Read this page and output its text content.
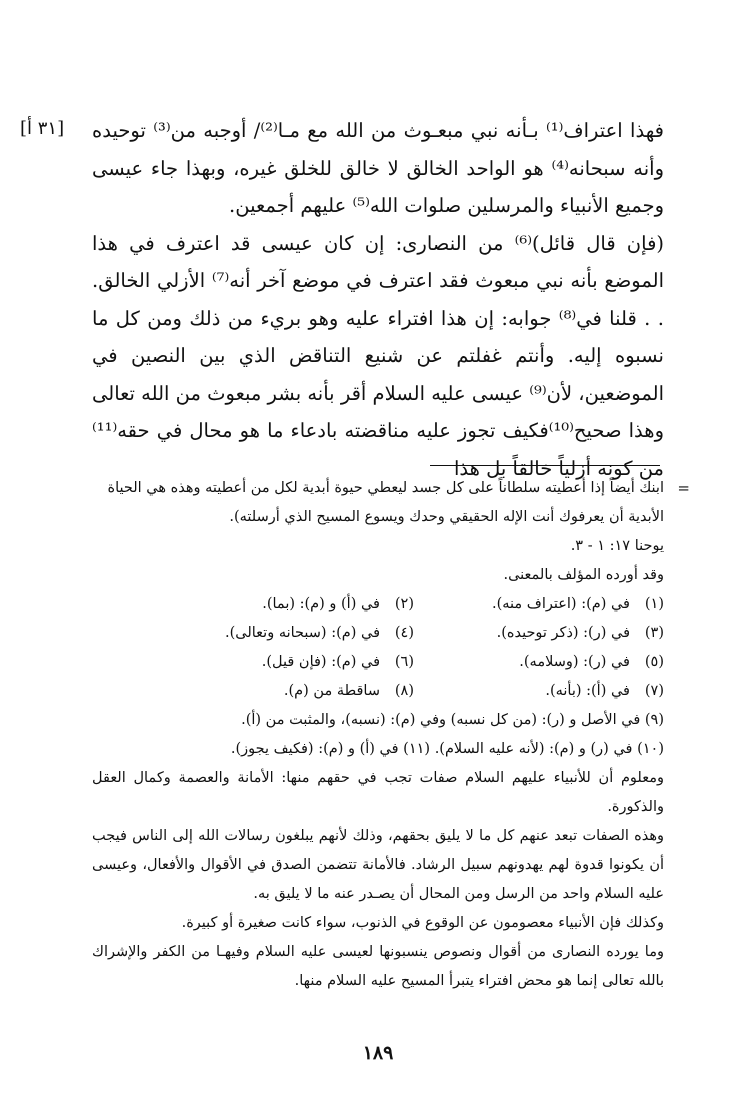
[٣١ أ] فهذا اعتراف⁽¹⁾ بـأنه نبي مبعـوث من الله مع مـا⁽²⁾/ أوجبه من⁽³⁾ توحيده وأنه سبحانه⁽⁴⁾ هو الواحد الخالق لا خالق للخلق غيره، وبهذا جاء عيسى وجميع الأنبياء والمرسلين صلوات الله⁽⁵⁾ عليهم أجمعين.

(فإن قال قائل)⁽⁶⁾ من النصارى: إن كان عيسى قد اعترف في هذا الموضع بأنه نبي مبعوث فقد اعترف في موضع آخر أنه⁽⁷⁾ الأزلي الخالق. . . قلنا في⁽⁸⁾ جوابه: إن هذا افتراء عليه وهو بريء من ذلك ومن كل ما نسبوه إليه. وأنتم غفلتم عن شنيع التناقض الذي بين النصين في الموضعين، لأن⁽⁹⁾ عيسى عليه السلام أقر بأنه بشر مبعوث من الله تعالى وهذا صحيح⁽¹⁰⁾فكيف تجوز عليه مناقضته بادعاء ما هو محال في حقه⁽¹¹⁾من كونه أزلياً خالقاً بل هذا

=

ابنك أيضاً إذا أعطيته سلطاناً على كل جسد ليعطي حيوة أبدية لكل من أعطيته وهذه هي الحياة الأبدية أن يعرفوك أنت الإله الحقيقي وحدك ويسوع المسيح الذي أرسلته).

يوحنا ١٧: ١ - ٣.

وقد أورده المؤلف بالمعنى.

(١)في (م): (اعتراف منه).
(٢)في (أ) و (م): (بما).
(٣)في (ر): (ذكر توحيده).
(٤)في (م): (سبحانه وتعالى).
(٥)في (ر): (وسلامه).
(٦)في (م): (فإن قيل).
(٧)في (أ): (بأنه).
(٨)ساقطة من (م).

(٩) في الأصل و (ر): (من كل نسبه) وفي (م): (نسبه)، والمثبت من (أ).

(١٠) في (ر) و (م): (لأنه عليه السلام). (١١) في (أ) و (م): (فكيف يجوز).

ومعلوم أن للأنبياء عليهم السلام صفات تجب في حقهم منها: الأمانة والعصمة وكمال العقل والذكورة.

وهذه الصفات تبعد عنهم كل ما لا يليق بحقهم، وذلك لأنهم يبلغون رسالات الله إلى الناس فيجب أن يكونوا قدوة لهم يهدونهم سبيل الرشاد. فالأمانة تتضمن الصدق في الأقوال والأفعال، وعيسى عليه السلام واحد من الرسل ومن المحال أن يصـدر عنه ما لا يليق به.

وكذلك فإن الأنبياء معصومون عن الوقوع في الذنوب، سواء كانت صغيرة أو كبيرة.

وما يورده النصارى من أقوال ونصوص ينسبونها لعيسى عليه السلام وفيهـا من الكفر والإشراك بالله تعالى إنما هو محض افتراء يتبرأ المسيح عليه السلام منها.

١٨٩
